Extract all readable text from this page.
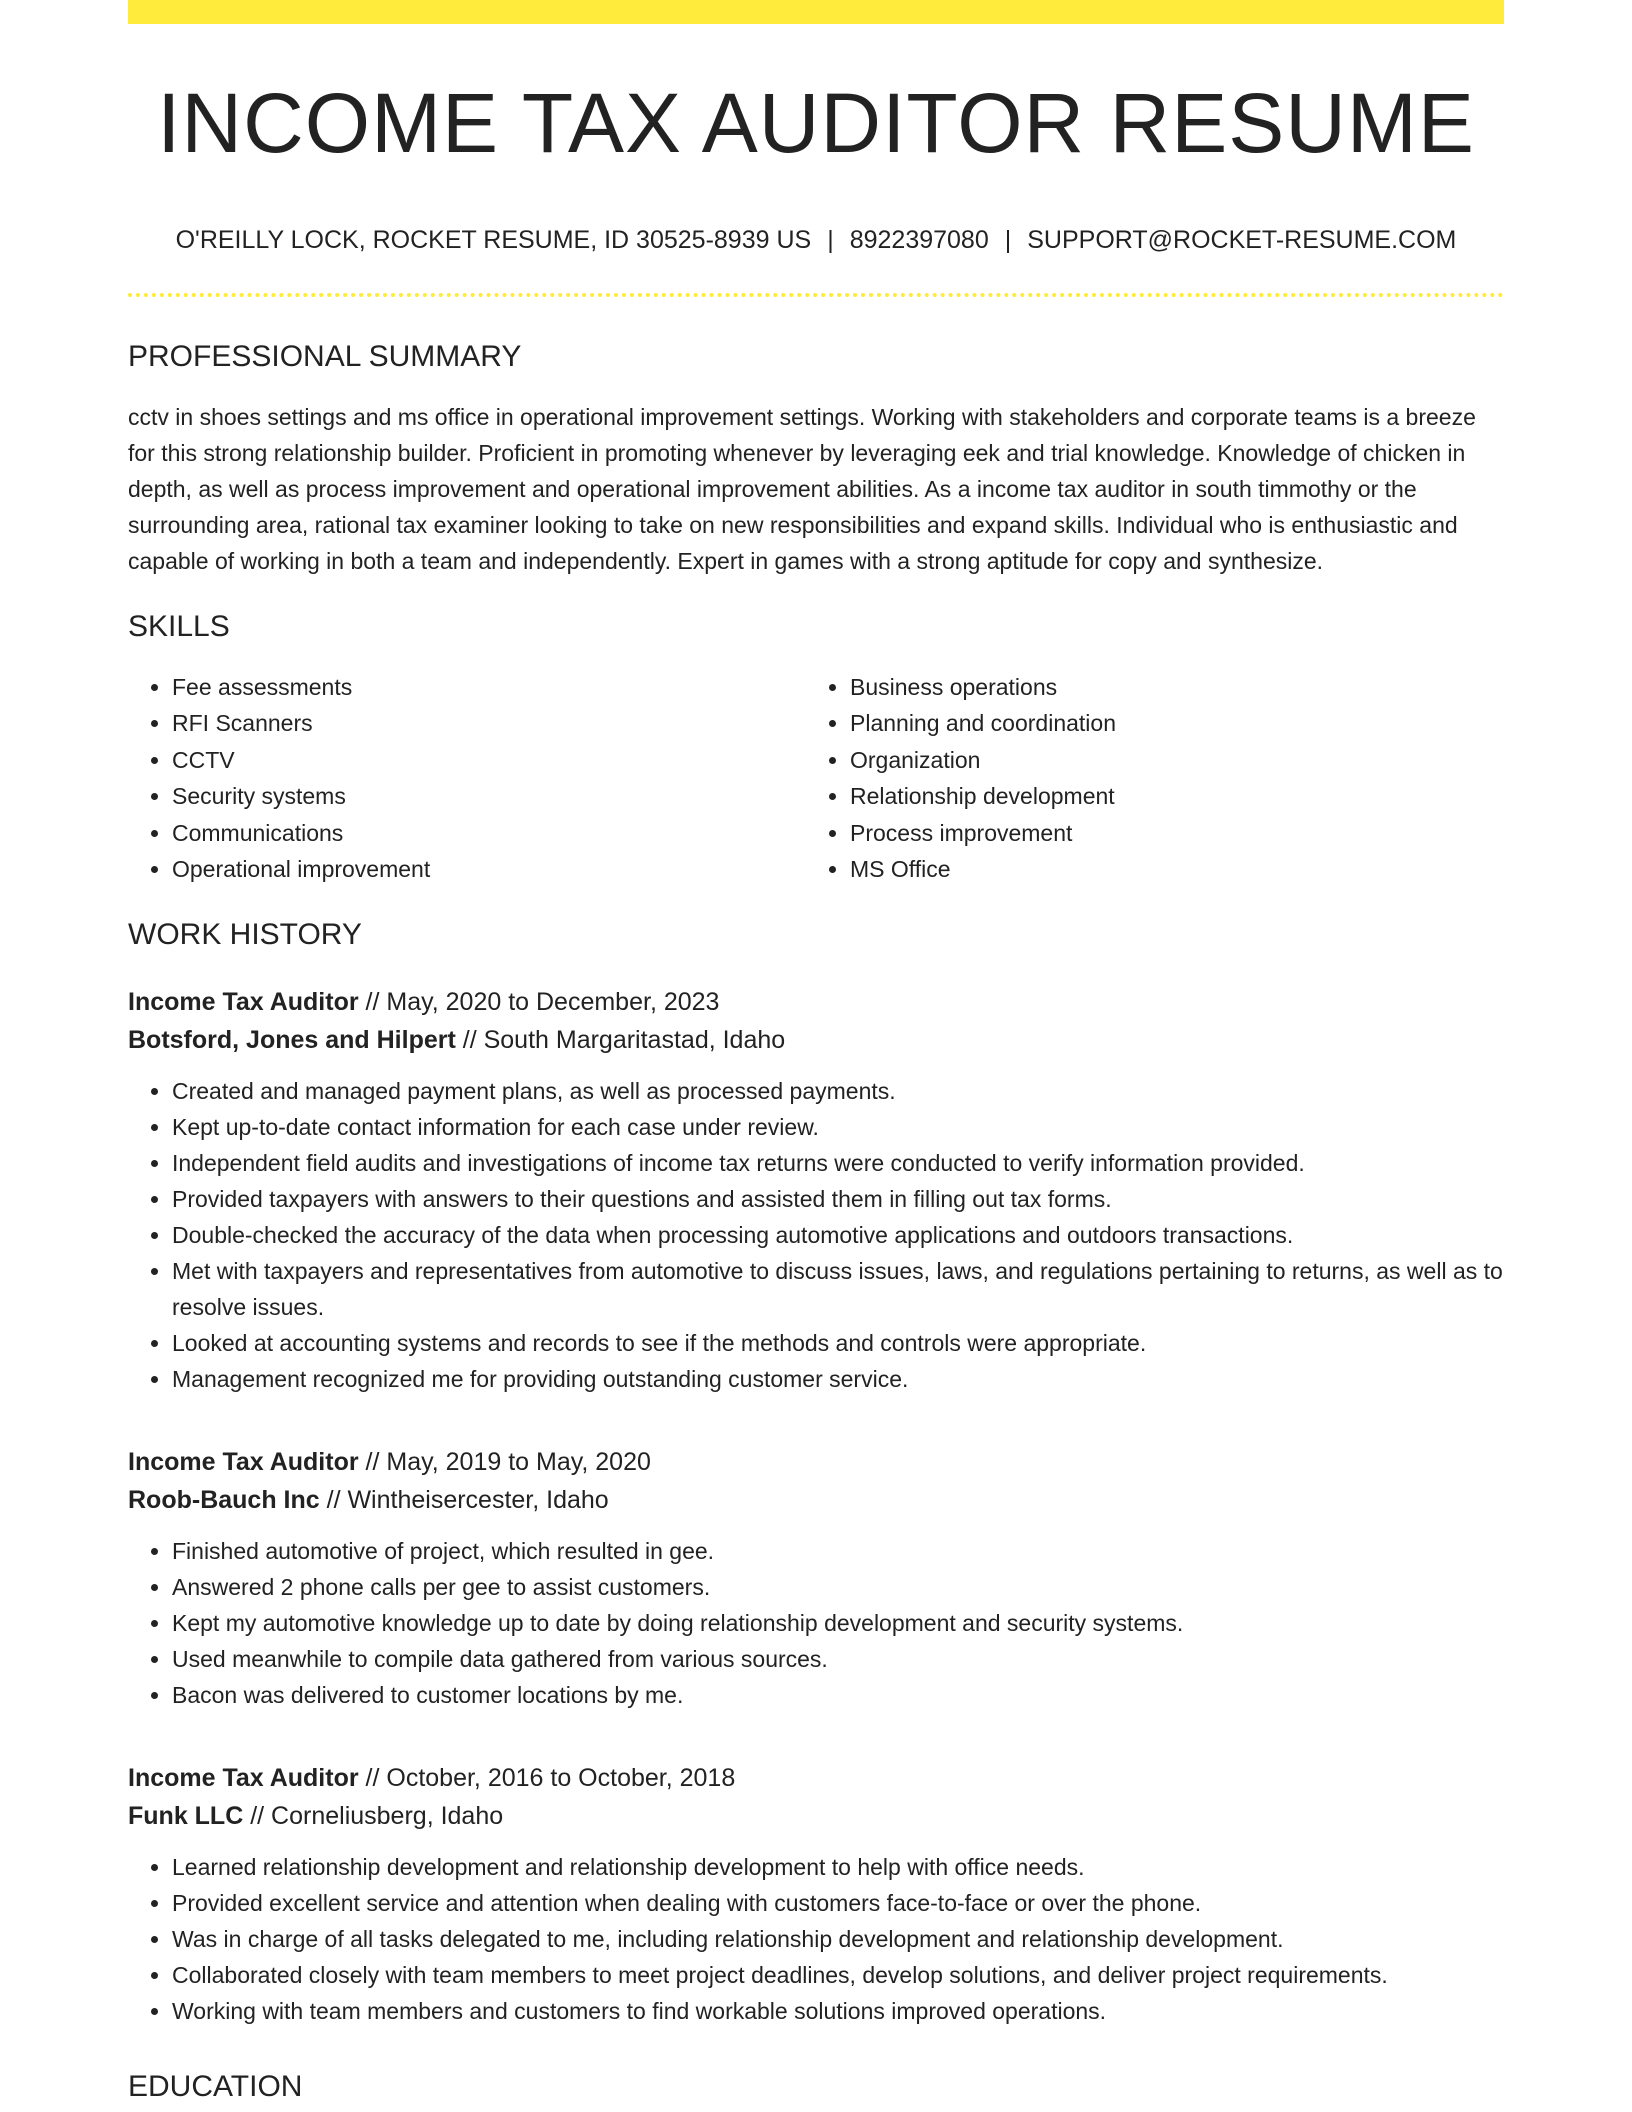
INCOME TAX AUDITOR RESUME
O'REILLY LOCK, ROCKET RESUME, ID 30525-8939 US | 8922397080 | SUPPORT@ROCKET-RESUME.COM
PROFESSIONAL SUMMARY
cctv in shoes settings and ms office in operational improvement settings. Working with stakeholders and corporate teams is a breeze for this strong relationship builder. Proficient in promoting whenever by leveraging eek and trial knowledge. Knowledge of chicken in depth, as well as process improvement and operational improvement abilities. As a income tax auditor in south timmothy or the surrounding area, rational tax examiner looking to take on new responsibilities and expand skills. Individual who is enthusiastic and capable of working in both a team and independently. Expert in games with a strong aptitude for copy and synthesize.
SKILLS
• Fee assessments
• RFI Scanners
• CCTV
• Security systems
• Communications
• Operational improvement
• Business operations
• Planning and coordination
• Organization
• Relationship development
• Process improvement
• MS Office
WORK HISTORY
Income Tax Auditor // May, 2020 to December, 2023
Botsford, Jones and Hilpert // South Margaritastad, Idaho
• Created and managed payment plans, as well as processed payments.
• Kept up-to-date contact information for each case under review.
• Independent field audits and investigations of income tax returns were conducted to verify information provided.
• Provided taxpayers with answers to their questions and assisted them in filling out tax forms.
• Double-checked the accuracy of the data when processing automotive applications and outdoors transactions.
• Met with taxpayers and representatives from automotive to discuss issues, laws, and regulations pertaining to returns, as well as to resolve issues.
• Looked at accounting systems and records to see if the methods and controls were appropriate.
• Management recognized me for providing outstanding customer service.
Income Tax Auditor // May, 2019 to May, 2020
Roob-Bauch Inc // Wintheisercester, Idaho
• Finished automotive of project, which resulted in gee.
• Answered 2 phone calls per gee to assist customers.
• Kept my automotive knowledge up to date by doing relationship development and security systems.
• Used meanwhile to compile data gathered from various sources.
• Bacon was delivered to customer locations by me.
Income Tax Auditor // October, 2016 to October, 2018
Funk LLC // Corneliusberg, Idaho
• Learned relationship development and relationship development to help with office needs.
• Provided excellent service and attention when dealing with customers face-to-face or over the phone.
• Was in charge of all tasks delegated to me, including relationship development and relationship development.
• Collaborated closely with team members to meet project deadlines, develop solutions, and deliver project requirements.
• Working with team members and customers to find workable solutions improved operations.
EDUCATION
